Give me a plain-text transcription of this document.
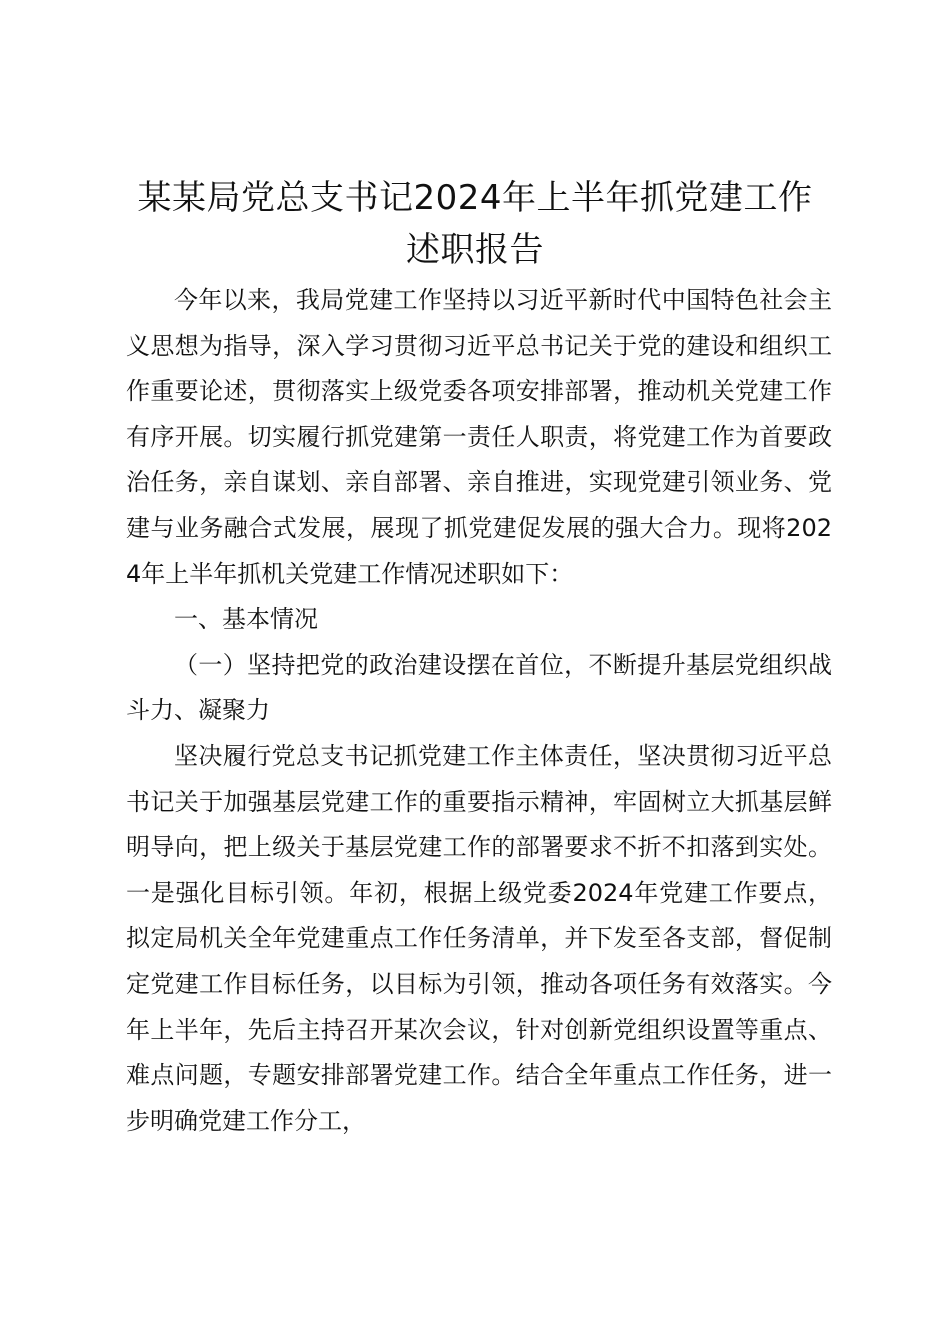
某某局党总支书记2024年上半年抓党建工作
述职报告

今年以来，我局党建工作坚持以习近平新时代中国特色社会主义思想为指导，深入学习贯彻习近平总书记关于党的建设和组织工作重要论述，贯彻落实上级党委各项安排部署，推动机关党建工作有序开展。切实履行抓党建第一责任人职责，将党建工作为首要政治任务，亲自谋划、亲自部署、亲自推进，实现党建引领业务、党建与业务融合式发展，展现了抓党建促发展的强大合力。现将2024年上半年抓机关党建工作情况述职如下：

一、基本情况

（一）坚持把党的政治建设摆在首位，不断提升基层党组织战斗力、凝聚力

坚决履行党总支书记抓党建工作主体责任，坚决贯彻习近平总书记关于加强基层党建工作的重要指示精神，牢固树立大抓基层鲜明导向，把上级关于基层党建工作的部署要求不折不扣落到实处。一是强化目标引领。年初，根据上级党委2024年党建工作要点，拟定局机关全年党建重点工作任务清单，并下发至各支部，督促制定党建工作目标任务，以目标为引领，推动各项任务有效落实。今年上半年，先后主持召开某次会议，针对创新党组织设置等重点、难点问题，专题安排部署党建工作。结合全年重点工作任务，进一步明确党建工作分工，
